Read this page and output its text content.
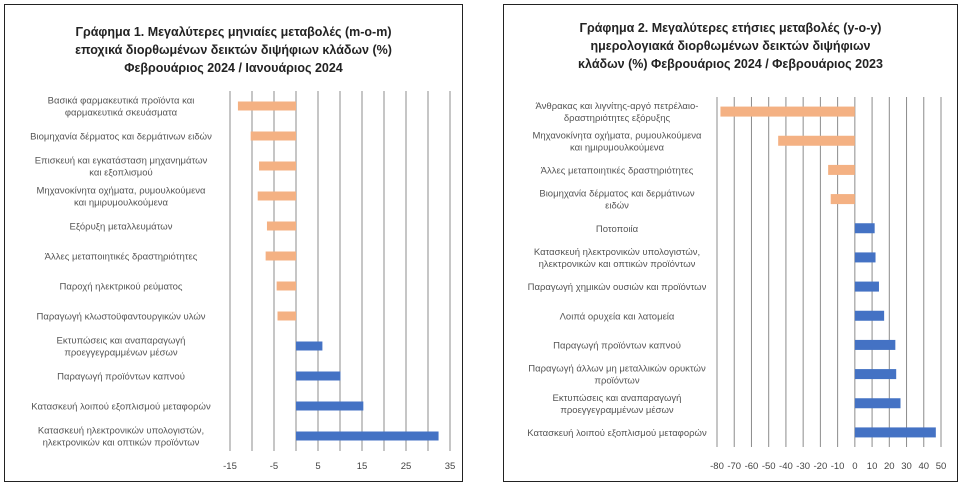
Γράφημα 1. Μεγαλύτερες μηνιαίες μεταβολές (m-o-m)
εποχικά διορθωμένων δεικτών διψήφιων κλάδων (%)
Φεβρουάριος 2024 / Ιανουάριος 2024
Βασικά φαρμακευτικά προϊόντα και φαρμακευτικά σκευάσματα
Βιομηχανία δέρματος και δερμάτινων ειδών
Επισκευή και εγκατάσταση μηχανημάτων και εξοπλισμού
Μηχανοκίνητα οχήματα, ρυμουλκούμενα και ημιρυμουλκούμενα
Εξόρυξη μεταλλευμάτων
Άλλες μεταποιητικές δραστηριότητες
Παροχή ηλεκτρικού ρεύματος
Παραγωγή κλωστοϋφαντουργικών υλών
Εκτυπώσεις και αναπαραγωγή προεγγεγραμμένων μέσων
Παραγωγή προϊόντων καπνού
Κατασκευή λοιπού εξοπλισμού μεταφορών
Κατασκευή ηλεκτρονικών υπολογιστών, ηλεκτρονικών και οπτικών προϊόντων
-15	-5	5	15	25	35
Γράφημα 2. Μεγαλύτερες ετήσιες μεταβολές (y-o-y)
ημερολογιακά διορθωμένων δεικτών διψήφιων
κλάδων (%) Φεβρουάριος 2024 / Φεβρουάριος 2023
Άνθρακας και λιγνίτης-αργό πετρέλαιο-δραστηριότητες εξόρυξης
Μηχανοκίνητα οχήματα, ρυμουλκούμενα και ημιρυμουλκούμενα
Άλλες μεταποιητικές δραστηριότητες
Βιομηχανία δέρματος και δερμάτινων ειδών
Ποτοποιία
Κατασκευή ηλεκτρονικών υπολογιστών, ηλεκτρονικών και οπτικών προϊόντων
Παραγωγή χημικών ουσιών και προϊόντων
Λοιπά ορυχεία και λατομεία
Παραγωγή προϊόντων καπνού
Παραγωγή άλλων μη μεταλλικών ορυκτών προϊόντων
Εκτυπώσεις και αναπαραγωγή προεγγεγραμμένων μέσων
Κατασκευή λοιπού εξοπλισμού μεταφορών
-80 -70 -60 -50 -40 -30 -20 -10 0 10 20 30 40 50
